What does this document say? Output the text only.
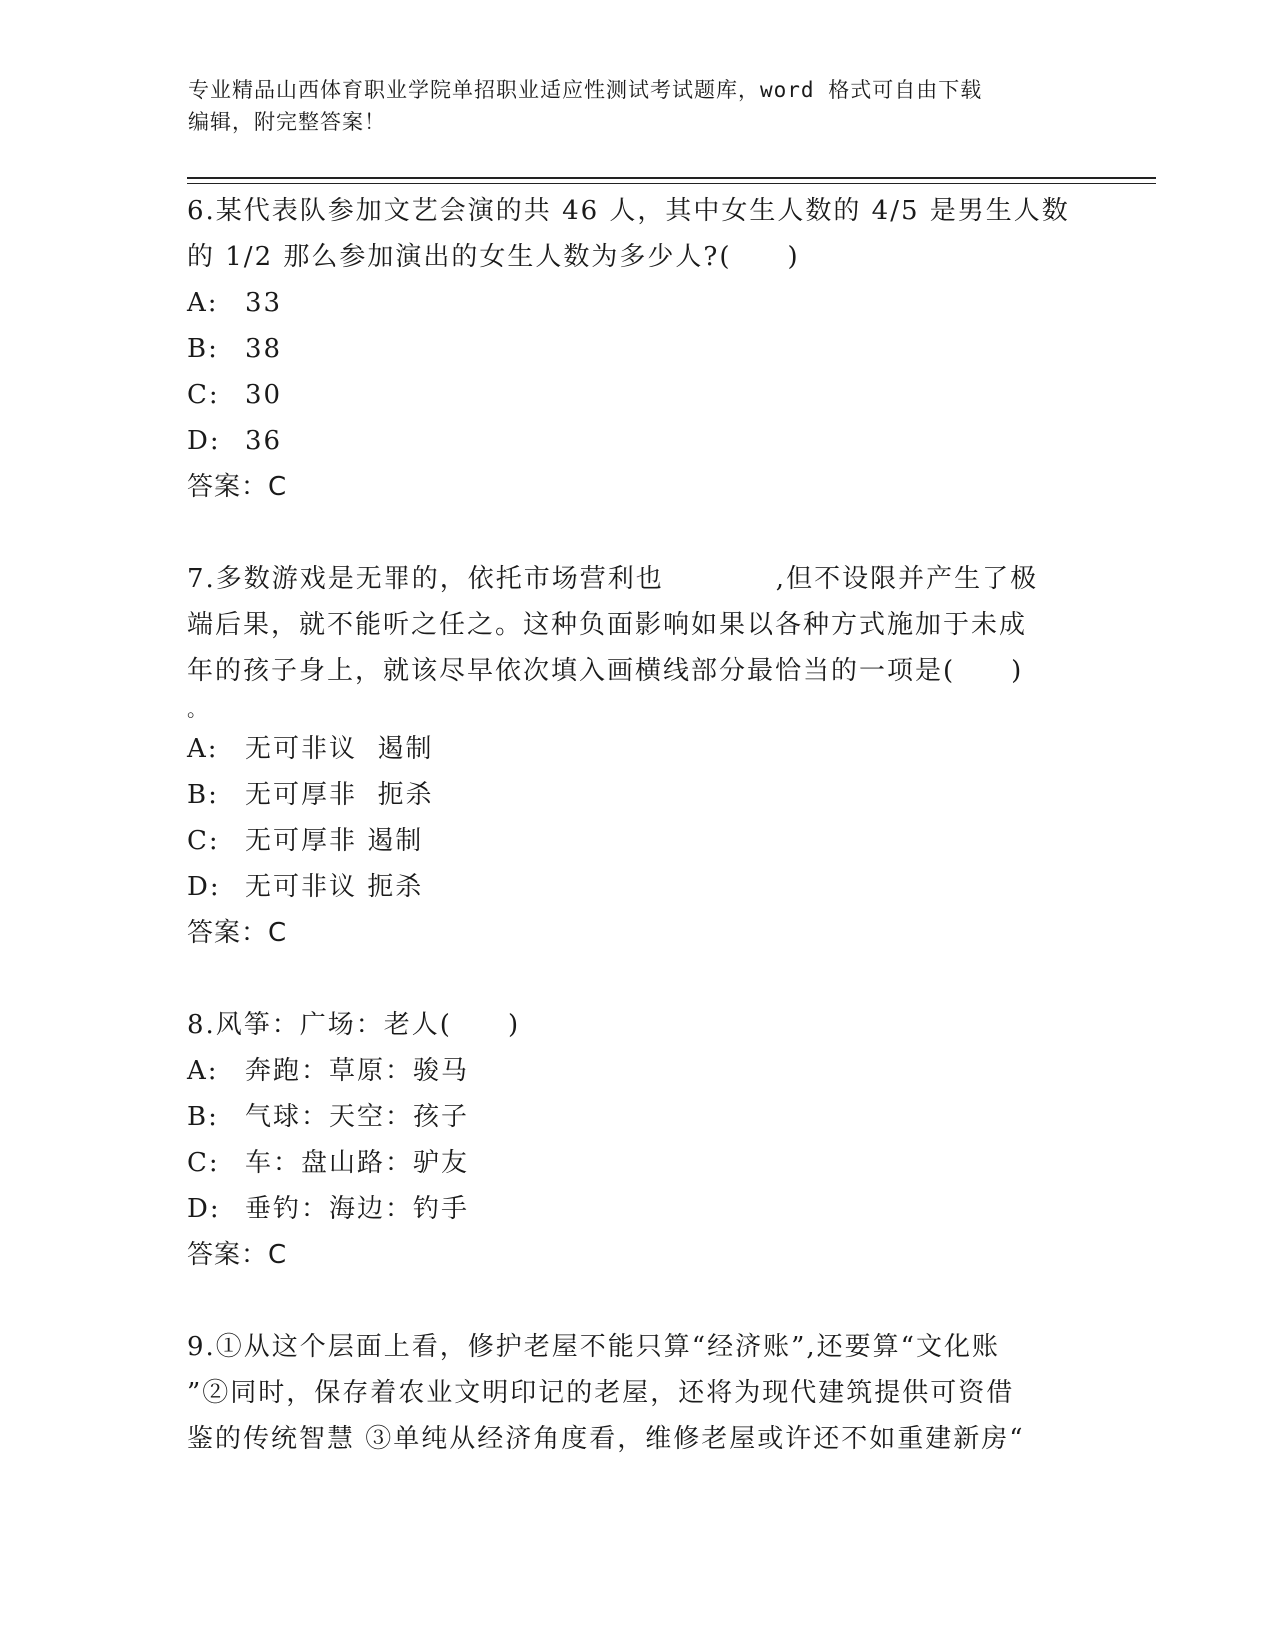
专业精品山西体育职业学院单招职业适应性测试考试题库，word 格式可自由下载
编辑，附完整答案！
6.某代表队参加文艺会演的共 46 人，其中女生人数的 4/5 是男生人数
的 1/2 那么参加演出的女生人数为多少人?(　　)
A:	33
B:	38
C: 30
D: 36
答案：C
7.多数游戏是无罪的，依托市场营利也　　　　,但不设限并产生了极
端后果，就不能听之任之。这种负面影响如果以各种方式施加于未成
年的孩子身上，就该尽早依次填入画横线部分最恰当的一项是(　　)
。
A:	无可非议  遏制
B:	无可厚非  扼杀
C: 无可厚非 遏制
D: 无可非议 扼杀
答案：C
8.风筝：广场：老人(　　)
A:	奔跑：草原：骏马
B:	气球：天空：孩子
C: 车：盘山路：驴友
D: 垂钓：海边：钓手
答案：C
9.①从这个层面上看，修护老屋不能只算“经济账”,还要算“文化账
”②同时，保存着农业文明印记的老屋，还将为现代建筑提供可资借
鉴的传统智慧 ③单纯从经济角度看，维修老屋或许还不如重建新房“
